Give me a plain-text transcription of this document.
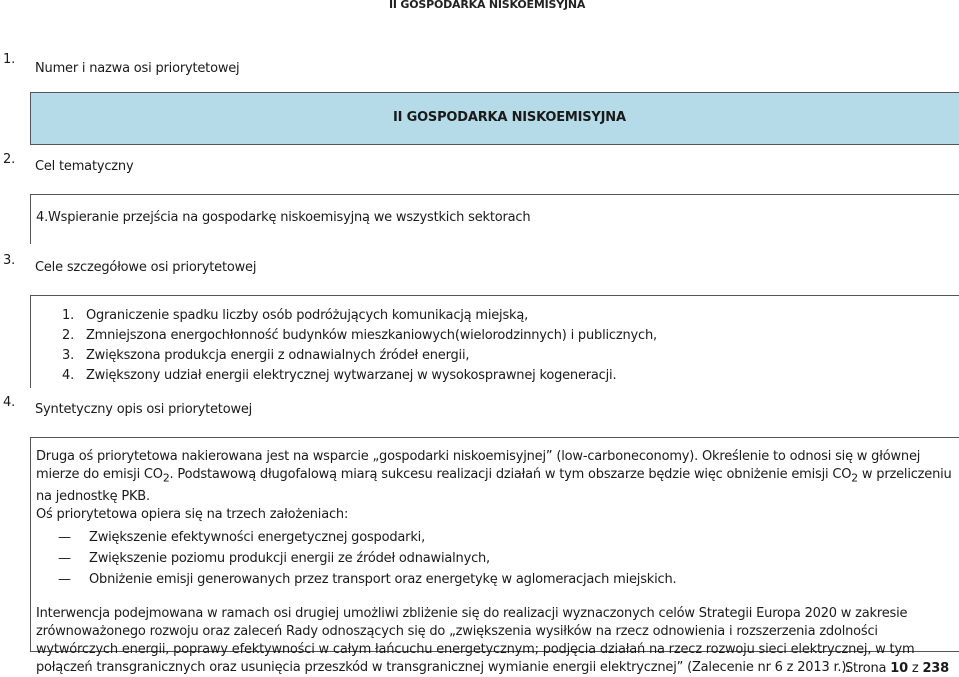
II GOSPODARKA NISKOEMISYJNA
1.
Numer i nazwa osi priorytetowej
II GOSPODARKA NISKOEMISYJNA
2. Cel tematyczny
4.Wspieranie przejścia na gospodarkę niskoemisyjną we wszystkich sektorach
3. Cele szczegółowe osi priorytetowej
1. Ograniczenie spadku liczby osób podróżujących komunikacją miejską,
2. Zmniejszona energochłonność budynków mieszkaniowych(wielorodzinnych) i publicznych,
3. Zwiększona produkcja energii z odnawialnych źródeł energii,
4. Zwiększony udział energii elektrycznej wytwarzanej w wysokosprawnej kogeneracji.
4. Syntetyczny opis osi priorytetowej

Druga oś priorytetowa nakierowana jest na wsparcie „gospodarki niskoemisyjnej” (low‑carboneconomy). Określenie to odnosi się w głównej mierze do emisji $CO_2$. Podstawową długofalową miarą sukcesu realizacji działań w tym obszarze będzie więc obniżenie emisji $CO_2$ w przeliczeniu na jednostkę PKB.

Oś priorytetowa opiera się na trzech założeniach:

— Zwiększenie efektywności energetycznej gospodarki,
— Zwiększenie poziomu produkcji energii ze źródeł odnawialnych,
— Obniżenie emisji generowanych przez transport oraz energetykę w aglomeracjach miejskich.

Interwencja podejmowana w ramach osi drugiej umożliwi zbliżenie się do realizacji wyznaczonych celów Strategii Europa 2020 w zakresie zrównoważonego rozwoju oraz zaleceń Rady odnoszących się do „zwiększenia wysiłków na rzecz odnowienia i rozszerzenia zdolności wytwórczych energii, poprawy efektywności w całym łańcuchu energetycznym; podjęcia działań na rzecz rozwoju sieci elektrycznej, w tym połączeń transgranicznych oraz usunięcia przeszkód w transgranicznej wymianie energii elektrycznej” (Zalecenie nr 6 z 2013 r.).

Strona 10 z 238
